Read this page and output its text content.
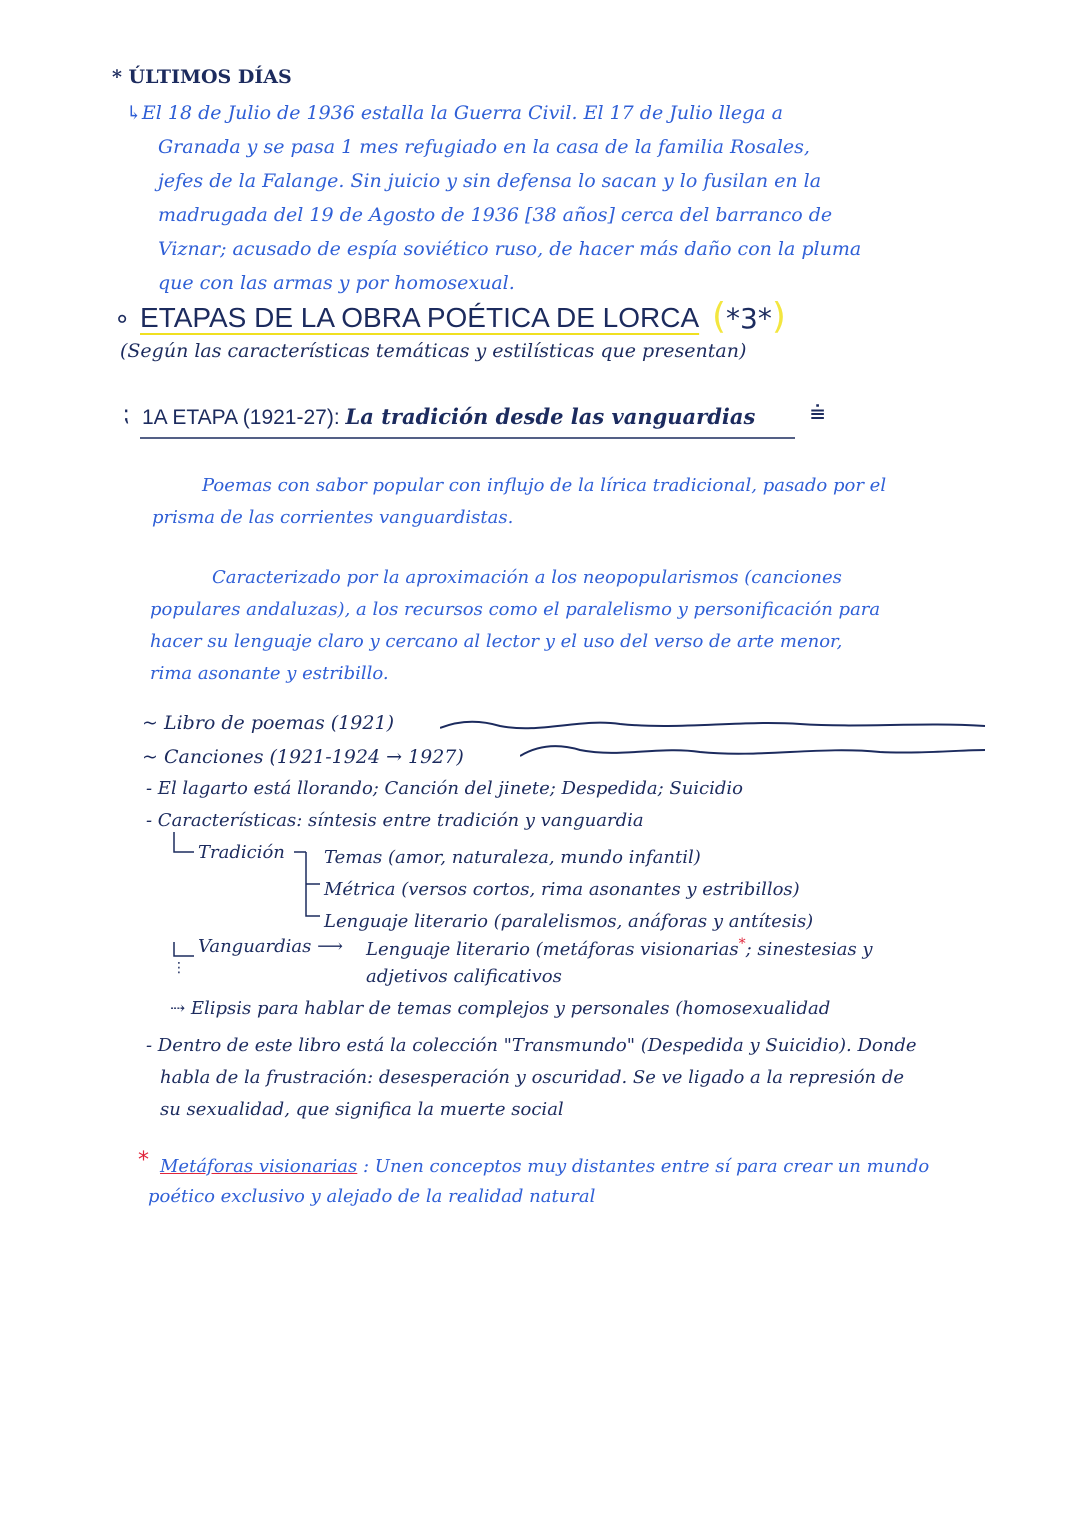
* ÚLTIMOS DÍAS
↳El 18 de Julio de 1936 estalla la Guerra Civil. El 17 de Julio llega a
Granada y se pasa 1 mes refugiado en la casa de la familia Rosales,
jefes de la Falange. Sin juicio y sin defensa lo sacan y lo fusilan en la
madrugada del 19 de Agosto de 1936 [38 años] cerca del barranco de
Viznar; acusado de espía soviético ruso, de hacer más daño con la pluma
que con las armas y por homosexual.
∘ ETAPAS DE LA OBRA POÉTICA DE LORCA (*3*)
(Según las características temáticas y estilísticas que presentan)
⁏ 1A ETAPA (1921-27): La tradición desde las vanguardias ⩧
Poemas con sabor popular con influjo de la lírica tradicional, pasado por el
prisma de las corrientes vanguardistas.
Caracterizado por la aproximación a los neopopularismos (canciones
populares andaluzas), a los recursos como el paralelismo y personificación para
hacer su lenguaje claro y cercano al lector y el uso del verso de arte menor,
rima asonante y estribillo.
~ Libro de poemas (1921)
~ Canciones (1921-1924 → 1927)
- El lagarto está llorando; Canción del jinete; Despedida; Suicidio
- Características: síntesis entre tradición y vanguardia
Tradición Temas (amor, naturaleza, mundo infantil)
Métrica (versos cortos, rima asonantes y estribillos)
Lenguaje literario (paralelismos, anáforas y antítesis)
Vanguardias ⟶ Lenguaje literario (metáforas visionarias*; sinestesias y
adjetivos calificativos
⋮
⇢ Elipsis para hablar de temas complejos y personales (homosexualidad
- Dentro de este libro está la colección "Transmundo" (Despedida y Suicidio). Donde
habla de la frustración: desesperación y oscuridad. Se ve ligado a la represión de
su sexualidad, que significa la muerte social
* Metáforas visionarias : Unen conceptos muy distantes entre sí para crear un mundo
poético exclusivo y alejado de la realidad natural
